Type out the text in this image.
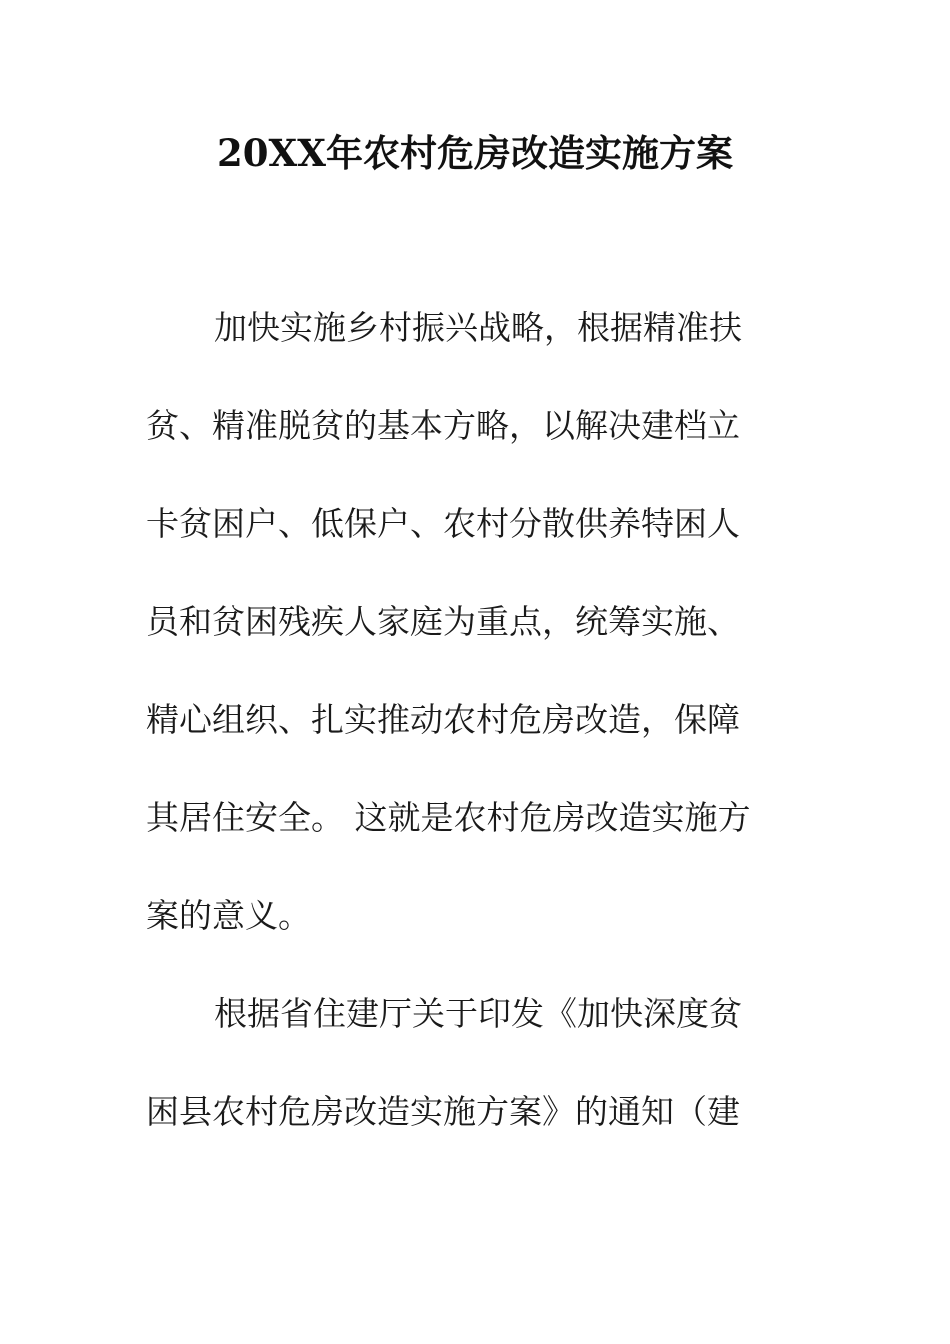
20XX年农村危房改造实施方案
加快实施乡村振兴战略，根据精准扶
贫、精准脱贫的基本方略，以解决建档立
卡贫困户、低保户、农村分散供养特困人
员和贫困残疾人家庭为重点，统筹实施、
精心组织、扎实推动农村危房改造，保障
其居住安全。 这就是农村危房改造实施方
案的意义。
根据省住建厅关于印发《加快深度贫
困县农村危房改造实施方案》的通知（建
